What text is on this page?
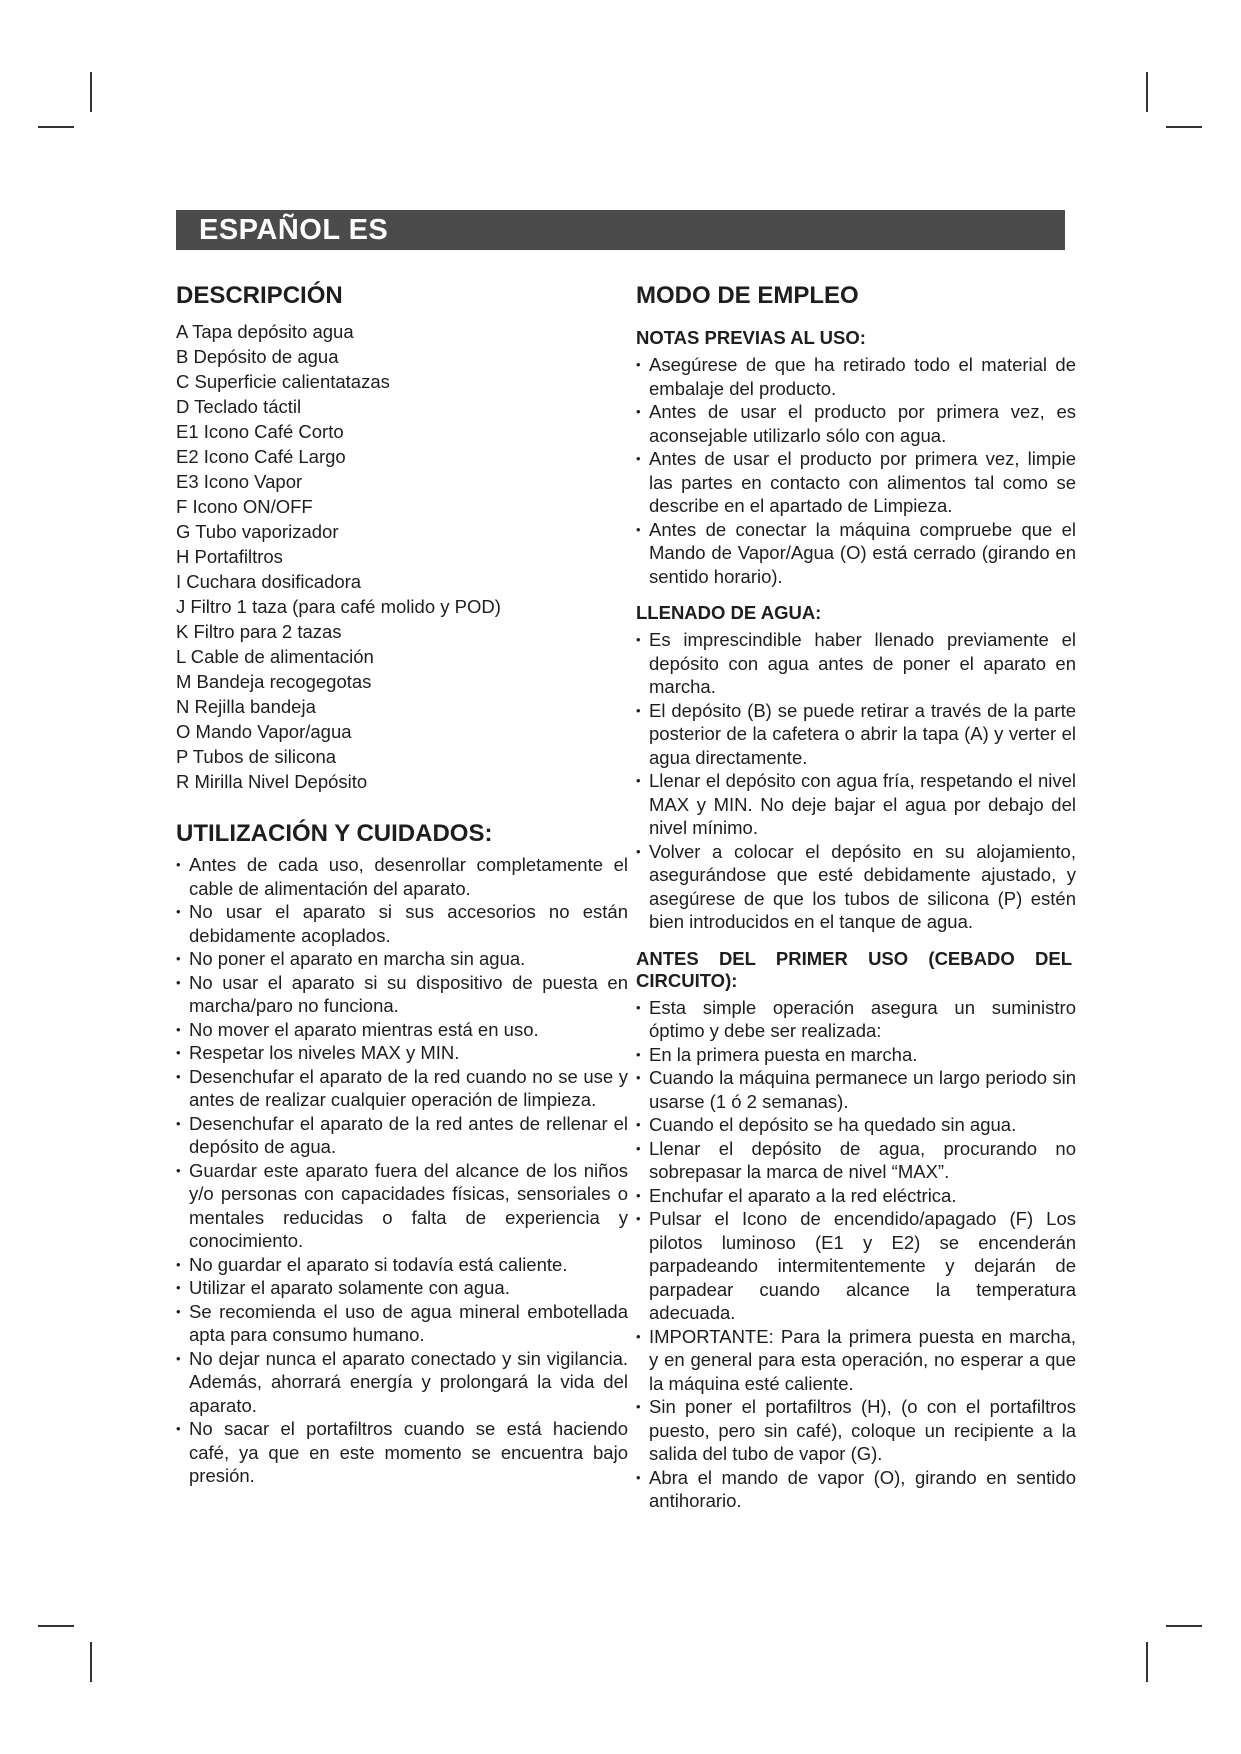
ESPAÑOL ES
DESCRIPCIÓN
A Tapa depósito agua
B Depósito de agua
C Superficie calientatazas
D Teclado táctil
E1 Icono Café Corto
E2 Icono Café Largo
E3 Icono Vapor
F Icono ON/OFF
G Tubo vaporizador
H Portafiltros
I Cuchara dosificadora
J Filtro 1 taza (para café molido y POD)
K Filtro para 2 tazas
L Cable de alimentación
M Bandeja recogegotas
N Rejilla bandeja
O Mando Vapor/agua
P Tubos de silicona
R Mirilla Nivel Depósito
UTILIZACIÓN Y CUIDADOS:
• Antes de cada uso, desenrollar completamente el cable de alimentación del aparato.
• No usar el aparato si sus accesorios no están debidamente acoplados.
• No poner el aparato en marcha sin agua.
• No usar el aparato si su dispositivo de puesta en marcha/paro no funciona.
• No mover el aparato mientras está en uso.
• Respetar los niveles MAX y MIN.
• Desenchufar el aparato de la red cuando no se use y antes de realizar cualquier operación de limpieza.
• Desenchufar el aparato de la red antes de rellenar el depósito de agua.
• Guardar este aparato fuera del alcance de los niños y/o personas con capacidades físicas, sensoriales o mentales reducidas o falta de experiencia y conocimiento.
• No guardar el aparato si todavía está caliente.
• Utilizar el aparato solamente con agua.
• Se recomienda el uso de agua mineral embotellada apta para consumo humano.
• No dejar nunca el aparato conectado y sin vigilancia. Además, ahorrará energía y prolongará la vida del aparato.
• No sacar el portafiltros cuando se está haciendo café, ya que en este momento se encuentra bajo presión.
MODO DE EMPLEO
NOTAS PREVIAS AL USO:
• Asegúrese de que ha retirado todo el material de embalaje del producto.
• Antes de usar el producto por primera vez, es aconsejable utilizarlo sólo con agua.
• Antes de usar el producto por primera vez, limpie las partes en contacto con alimentos tal como se describe en el apartado de Limpieza.
• Antes de conectar la máquina compruebe que el Mando de Vapor/Agua (O) está cerrado (girando en sentido horario).
LLENADO DE AGUA:
• Es imprescindible haber llenado previamente el depósito con agua antes de poner el aparato en marcha.
• El depósito (B) se puede retirar a través de la parte posterior de la cafetera o abrir la tapa (A) y verter el agua directamente.
• Llenar el depósito con agua fría, respetando el nivel MAX y MIN. No deje bajar el agua por debajo del nivel mínimo.
• Volver a colocar el depósito en su alojamiento, asegurándose que esté debidamente ajustado, y asegúrese de que los tubos de silicona (P) estén bien introducidos en el tanque de agua.
ANTES DEL PRIMER USO (CEBADO DEL CIRCUITO):
• Esta simple operación asegura un suministro óptimo y debe ser realizada:
• En la primera puesta en marcha.
• Cuando la máquina permanece un largo periodo sin usarse (1 ó 2 semanas).
• Cuando el depósito se ha quedado sin agua.
• Llenar el depósito de agua, procurando no sobrepasar la marca de nivel “MAX”.
• Enchufar el aparato a la red eléctrica.
• Pulsar el Icono de encendido/apagado (F) Los pilotos luminoso (E1 y E2) se encenderán parpadeando intermitentemente y dejarán de parpadear cuando alcance la temperatura adecuada.
• IMPORTANTE: Para la primera puesta en marcha, y en general para esta operación, no esperar a que la máquina esté caliente.
• Sin poner el portafiltros (H), (o con el portafiltros puesto, pero sin café), coloque un recipiente a la salida del tubo de vapor (G).
• Abra el mando de vapor (O), girando en sentido antihorario.
